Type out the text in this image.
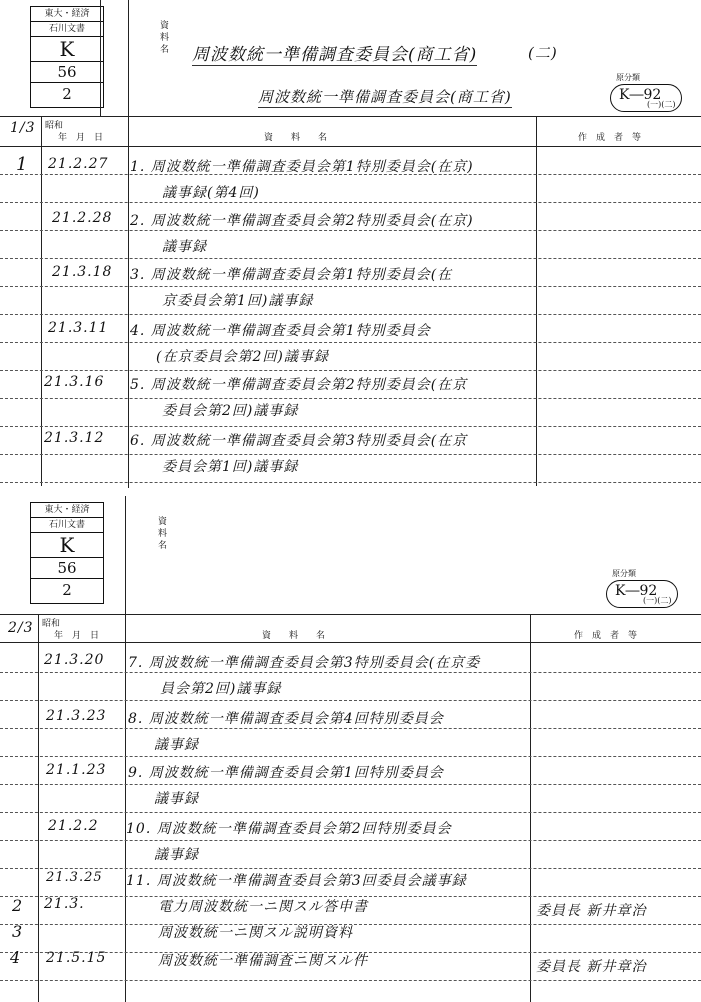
東大・経済
石川文書
K
56
2
資料名 周波数統一準備調査委員会(商工省)	(二)
周波数統一準備調査委員会(商工省)
原分類
K―92
(一)(二)
1/3 昭和
年　月　日	資　　料　　名	作　成　者　等
1 21.2.27 1. 周波数統一準備調査委員会第1特別委員会(在京)
議事録(第4回)
21.2.28 2. 周波数統一準備調査委員会第2特別委員会(在京)
議事録
21.3.18 3. 周波数統一準備調査委員会第1特別委員会(在
京委員会第1回)議事録
21.3.11 4. 周波数統一準備調査委員会第1特別委員会
(在京委員会第2回)議事録
21.3.16 5. 周波数統一準備調査委員会第2特別委員会(在京
委員会第2回)議事録
21.3.12 6. 周波数統一準備調査委員会第3特別委員会(在京
委員会第1回)議事録
東大・経済
石川文書
K
56
2
資料名
原分類
K―92
(一)(二)
2/3 昭和
年　月　日	資　　料　　名	作　成　者　等
21.3.20 7. 周波数統一準備調査委員会第3特別委員会(在京委
員会第2回)議事録
21.3.23 8. 周波数統一準備調査委員会第4回特別委員会
議事録
21.1.23 9. 周波数統一準備調査委員会第1回特別委員会
議事録
21.2.2 10. 周波数統一準備調査委員会第2回特別委員会
議事録
21.3.25 11. 周波数統一準備調査委員会第3回委員会議事録
2 21.3.	電力周波数統一ニ関スル答申書	委員長 新井章治
3	周波数統一ニ関スル説明資料
4 21.5.15	周波数統一準備調査ニ関スル件	委員長 新井章治
